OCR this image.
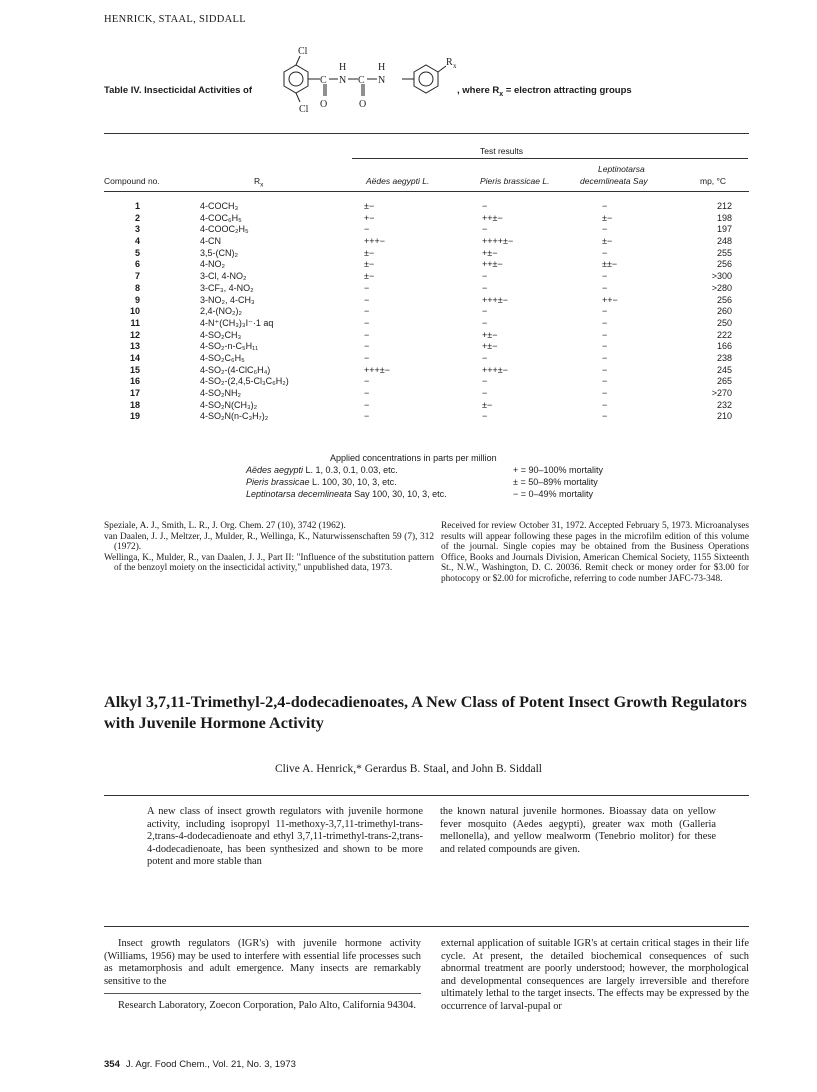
HENRICK, STAAL, SIDDALL
Table IV. Insecticidal Activities of
Cl
Cl
H	H
C N C N
O	O
R x
, where $R_x$ = electron attracting groups
Test results
Compound no.	$R_x$	Aëdes aegypti L.	Pieris brassicae L.
Leptinotarsa
decemlineata Say	mp, °C
1	4-COCH₃	±−	−	−	212
2	4-COC₆H₅	+−	++±−	±−	198
3	4-COOC₂H₅	−	−	−	197
4	4-CN	+++−	++++±−	±−	248
5	3,5-(CN)₂	±−	+±−	−	255
6	4-NO₂	±−	++±−	±±−	256
7	3-Cl, 4-NO₂	±−	−	−	>300
8	3-CF₃, 4-NO₂	−	−	−	>280
9	3-NO₂, 4-CH₃	−	+++±−	++−	256
10	2,4-(NO₂)₂	−	−	−	260
11	4-N⁺(CH₃)₃I⁻·1 aq	−	−	−	250
12	4-SO₂CH₃	−	+±−	−	222
13	4-SO₂-n-C₅H₁₁	−	+±−	−	166
14	4-SO₂C₆H₅	−	−	−	238
15	4-SO₂-(4-ClC₆H₄)	+++±−	+++±−	−	245
16	4-SO₂-(2,4,5-Cl₃C₆H₂)	−	−	−	265
17	4-SO₂NH₂	−	−	−	>270
18	4-SO₂N(CH₃)₂	−	±−	−	232
19	4-SO₂N(n-C₃H₇)₂	−	−	−	210
Applied concentrations in parts per million
Aëdes aegypti L. 1, 0.3, 0.1, 0.03, etc.
Pieris brassicae L. 100, 30, 10, 3, etc.
Leptinotarsa decemlineata Say 100, 30, 10, 3, etc.
+ = 90–100% mortality
± = 50–89% mortality
− = 0–49% mortality

Speziale, A. J., Smith, L. R., J. Org. Chem. 27 (10), 3742 (1962).

van Daalen, J. J., Meltzer, J., Mulder, R., Wellinga, K., Naturwissenschaften 59 (7), 312 (1972).

Wellinga, K., Mulder, R., van Daalen, J. J., Part II: "Influence of the substitution pattern of the benzoyl moiety on the insecticidal activity," unpublished data, 1973.

Received for review October 31, 1972. Accepted February 5, 1973. Microanalyses results will appear following these pages in the microfilm edition of this volume of the journal. Single copies may be obtained from the Business Operations Office, Books and Journals Division, American Chemical Society, 1155 Sixteenth St., N.W., Washington, D. C. 20036. Remit check or money order for $3.00 for photocopy or $2.00 for microfiche, referring to code number JAFC-73-348.
Alkyl 3,7,11-Trimethyl-2,4-dodecadienoates, A New Class of Potent Insect Growth Regulators with Juvenile Hormone Activity
Clive A. Henrick,* Gerardus B. Staal, and John B. Siddall
A new class of insect growth regulators with juvenile hormone activity, including isopropyl 11-methoxy-3,7,11-trimethyl-trans-2,trans-4-dodecadienoate and ethyl 3,7,11-trimethyl-trans-2,trans-4-dodecadienoate, has been synthesized and shown to be more potent and more stable than
the known natural juvenile hormones. Bioassay data on yellow fever mosquito (Aedes aegypti), greater wax moth (Galleria mellonella), and yellow mealworm (Tenebrio molitor) for these and related compounds are given.
Insect growth regulators (IGR's) with juvenile hormone activity (Williams, 1956) may be used to interfere with essential life processes such as metamorphosis and adult emergence. Many insects are remarkably sensitive to the
Research Laboratory, Zoecon Corporation, Palo Alto, California 94304.
external application of suitable IGR's at certain critical stages in their life cycle. At present, the detailed biochemical consequences of such abnormal treatment are poorly understood; however, the morphological and developmental consequences are largely irreversible and therefore ultimately lethal to the target insects. The effects may be expressed by the occurrence of larval-pupal or
354 J. Agr. Food Chem., Vol. 21, No. 3, 1973
